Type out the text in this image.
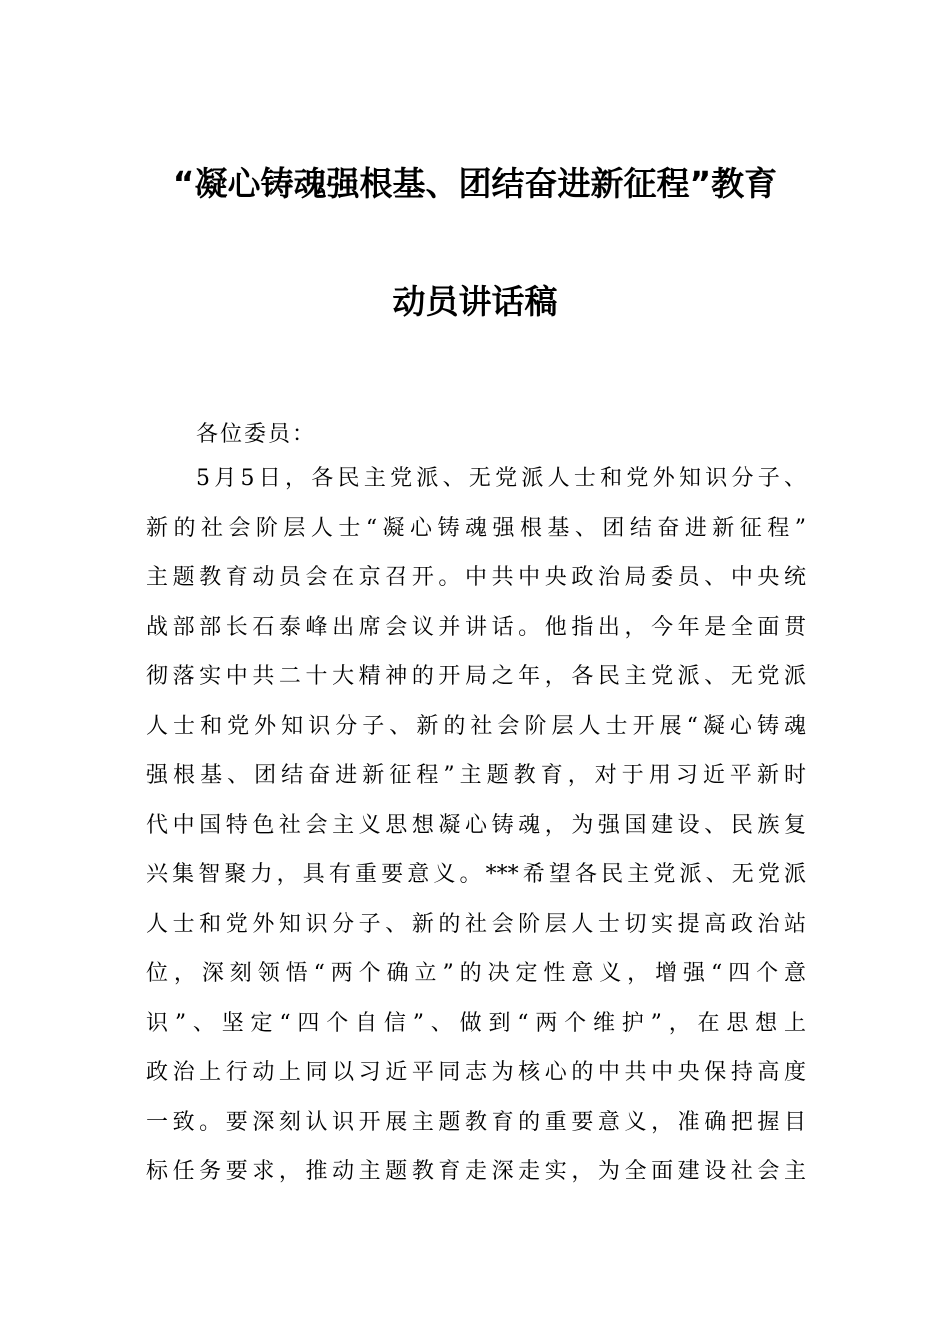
“凝心铸魂强根基、团结奋进新征程”教育
动员讲话稿
各位委员：
5月5日，各民主党派、无党派人士和党外知识分子、
新的社会阶层人士“凝心铸魂强根基、团结奋进新征程”
主题教育动员会在京召开。中共中央政治局委员、中央统
战部部长石泰峰出席会议并讲话。他指出，今年是全面贯
彻落实中共二十大精神的开局之年，各民主党派、无党派
人士和党外知识分子、新的社会阶层人士开展“凝心铸魂
强根基、团结奋进新征程”主题教育，对于用习近平新时
代中国特色社会主义思想凝心铸魂，为强国建设、民族复
兴集智聚力，具有重要意义。***希望各民主党派、无党派
人士和党外知识分子、新的社会阶层人士切实提高政治站
位，深刻领悟“两个确立”的决定性意义，增强“四个意
识”、坚定“四个自信”、做到“两个维护”，在思想上
政治上行动上同以习近平同志为核心的中共中央保持高度
一致。要深刻认识开展主题教育的重要意义，准确把握目
标任务要求，推动主题教育走深走实，为全面建设社会主
